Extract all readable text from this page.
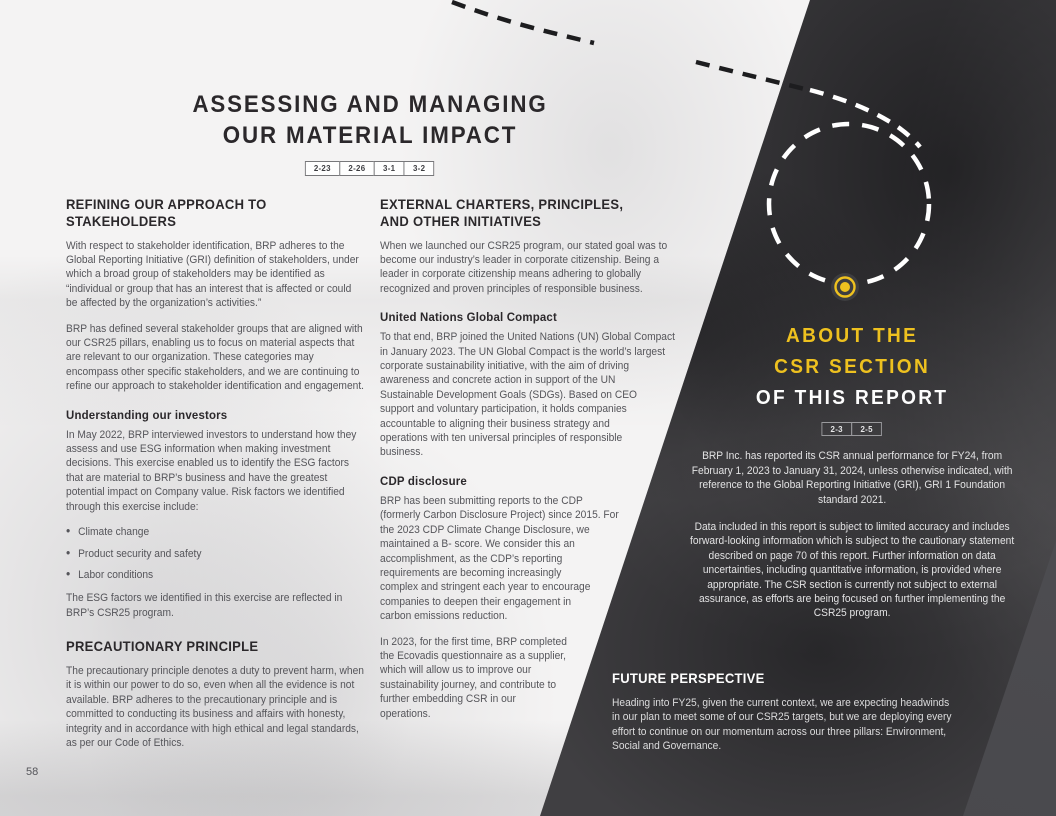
ASSESSING AND MANAGING
OUR MATERIAL IMPACT
2-23	2-26	3-1	3-2
REFINING OUR APPROACH TO STAKEHOLDERS

With respect to stakeholder identification, BRP adheres to the Global Reporting Initiative (GRI) definition of stakeholders, under which a broad group of stakeholders may be identified as “individual or group that has an interest that is affected or could be affected by the organization’s activities.”

BRP has defined several stakeholder groups that are aligned with our CSR25 pillars, enabling us to focus on material aspects that are relevant to our organization. These categories may encompass other specific stakeholders, and we are continuing to refine our approach to stakeholder identification and engagement.

Understanding our investors

In May 2022, BRP interviewed investors to understand how they assess and use ESG information when making investment decisions. This exercise enabled us to identify the ESG factors that are material to BRP’s business and have the greatest potential impact on Company value. Risk factors we identified through this exercise include:

• Climate change
• Product security and safety
• Labor conditions

The ESG factors we identified in this exercise are reflected in BRP’s CSR25 program.

PRECAUTIONARY PRINCIPLE

The precautionary principle denotes a duty to prevent harm, when it is within our power to do so, even when all the evidence is not available. BRP adheres to the precautionary principle and is committed to conducting its business and affairs with honesty, integrity and in accordance with high ethical and legal standards, as per our Code of Ethics.

EXTERNAL CHARTERS, PRINCIPLES,
AND OTHER INITIATIVES

When we launched our CSR25 program, our stated goal was to become our industry’s leader in corporate citizenship. Being a leader in corporate citizenship means adhering to globally recognized and proven principles of responsible business.

United Nations Global Compact

To that end, BRP joined the United Nations (UN) Global Compact in January 2023. The UN Global Compact is the world’s largest corporate sustainability initiative, with the aim of driving awareness and concrete action in support of the UN Sustainable Development Goals (SDGs). Based on CEO support and voluntary participation, it holds companies accountable to aligning their business strategy and operations with ten universal principles of responsible business.

CDP disclosure

BRP has been submitting reports to the CDP (formerly Carbon Disclosure Project) since 2015. For the 2023 CDP Climate Change Disclosure, we maintained a B- score. We consider this an accomplishment, as the CDP’s reporting requirements are becoming increasingly complex and stringent each year to encourage companies to deepen their engagement in carbon emissions reduction.

In 2023, for the first time, BRP completed the Ecovadis questionnaire as a supplier, which will allow us to improve our sustainability journey, and contribute to further embedding CSR in our operations.

ABOUT THE
CSR SECTION
OF THIS REPORT
2-3	2-5

BRP Inc. has reported its CSR annual performance for FY24, from February 1, 2023 to January 31, 2024, unless otherwise indicated, with reference to the Global Reporting Initiative (GRI), GRI 1 Foundation standard 2021.

Data included in this report is subject to limited accuracy and includes forward-looking information which is subject to the cautionary statement described on page 70 of this report. Further information on data uncertainties, including quantitative information, is provided where appropriate. The CSR section is currently not subject to external assurance, as efforts are being focused on further implementing the CSR25 program.

FUTURE PERSPECTIVE

Heading into FY25, given the current context, we are expecting headwinds in our plan to meet some of our CSR25 targets, but we are deploying every effort to continue on our momentum across our three pillars: Environment, Social and Governance.

58
